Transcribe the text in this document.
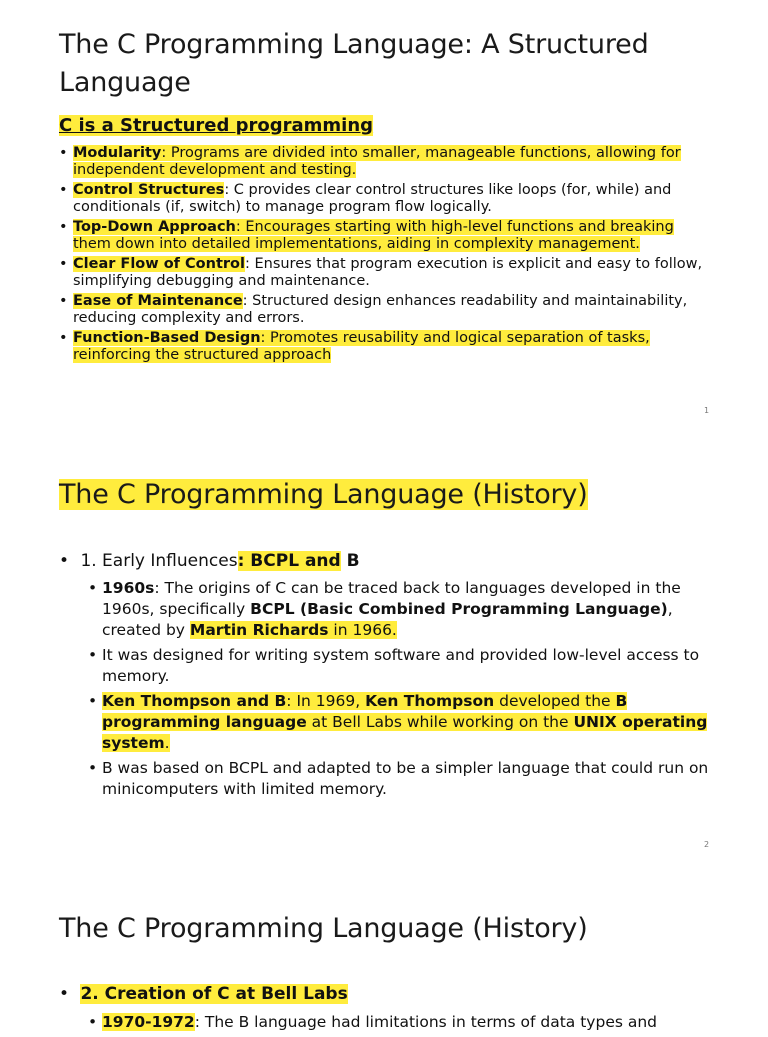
The C Programming Language: A Structured
Language

C is a Structured programming

• Modularity: Programs are divided into smaller, manageable functions, allowing for independent development and testing.
• Control Structures: C provides clear control structures like loops (for, while) and conditionals (if, switch) to manage program flow logically.
• Top-Down Approach: Encourages starting with high-level functions and breaking them down into detailed implementations, aiding in complexity management.
• Clear Flow of Control: Ensures that program execution is explicit and easy to follow, simplifying debugging and maintenance.
• Ease of Maintenance: Structured design enhances readability and maintainability, reducing complexity and errors.
• Function-Based Design: Promotes reusability and logical separation of tasks, reinforcing the structured approach
1
The C Programming Language (History)
• 1. Early Influences: BCPL and B
• 1960s: The origins of C can be traced back to languages developed in the 1960s, specifically BCPL (Basic Combined Programming Language), created by Martin Richards in 1966.
• It was designed for writing system software and provided low-level access to memory.
• Ken Thompson and B: In 1969, Ken Thompson developed the B programming language at Bell Labs while working on the UNIX operating system.
• B was based on BCPL and adapted to be a simpler language that could run on minicomputers with limited memory.
2
The C Programming Language (History)
• 2. Creation of C at Bell Labs
• 1970-1972: The B language had limitations in terms of data types and
